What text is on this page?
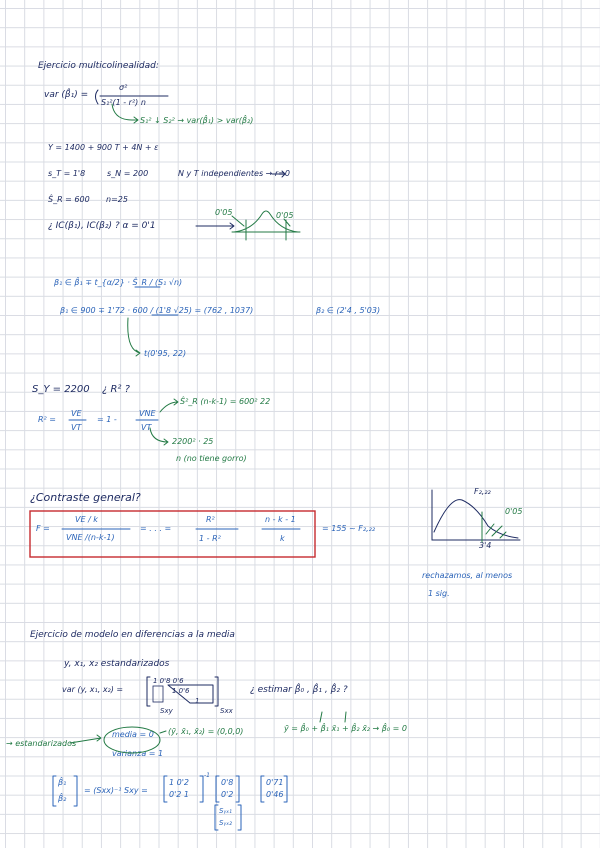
Ejercicio multicolinealidad:
var (β̂₁) =
σ²
S₁²(1 - r²) n
S₁² ↓ S₂² → var(β̂₁) > var(β̂₂)
Y = 1400 + 900 T + 4N + ε
s_T = 1'8	s_N = 200	N y T independientes → r=0
Ŝ_R = 600 n=25
¿ IC(β₁), IC(β₂) ? α = 0'1
0'05	0'05
β₁ ∈ β̂₁ ∓ t_{α/2} · Ŝ_R / (S₁ √n)
β₁ ∈ 900 ∓ 1'72 · 600 / (1'8 √25) = (762 , 1037)	β₂ ∈ (2'4 , 5'03)
t(0'95, 22)
S_Y = 2200 ¿ R² ?
R² =
VE
VT
= 1 -
VNE
VT
Ŝ²_R (n-k-1) = 600² 22
2200² · 25
n (no tiene gorro)
¿Contraste general?
F =
VE / k
VNE /(n-k-1)
= . . . =
R²
1 - R²
n - k - 1
k
= 155 ~ F₂,₂₂
F₂,₂₂
0'05
3'4
rechazamos, al menos
1 sig.
Ejercicio de modelo en diferencias a la media
y, x₁, x₂ estandarizados
var (y, x₁, x₂) =
1 0'8 0'6
1 0'6
1
Sxy	Sxx
¿ estimar β̂₀ , β̂₁ , β̂₂ ?
→ estandarizados
media = 0
varianza = 1
(ȳ, x̄₁, x̄₂) = (0,0,0)	ȳ = β̂₀ + β̂₁ x̄₁ + β̂₂ x̄₂ → β̂₀ = 0
β̂₁
β̂₂
= (Sxx)⁻¹ Sxy =
1 0'2
0'2 1
-1
0'8
0'2
0'71
0'46
Sᵧₓ₁
Sᵧₓ₂
